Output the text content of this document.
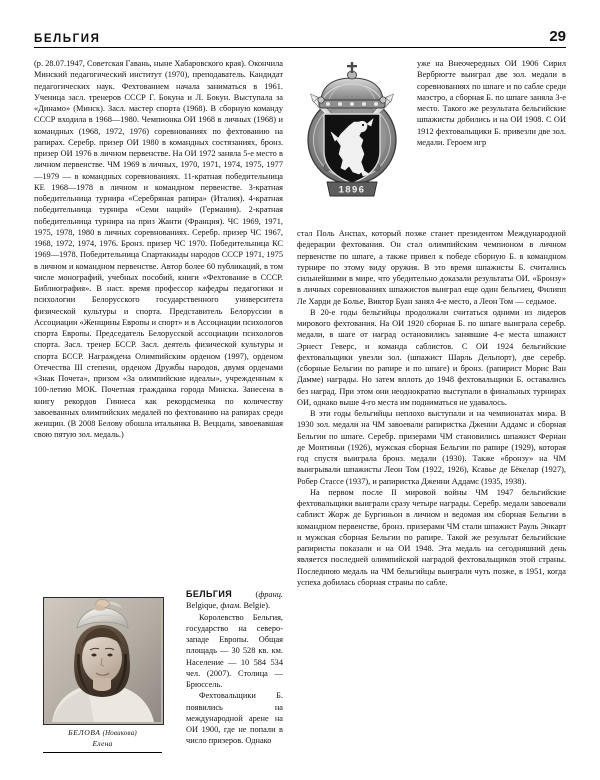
БЕЛЬГИЯ	29

(р. 28.07.1947, Советская Гавань, ныне Хабаровского края). Окончила Минский педагогический институт (1970), преподаватель. Кандидат педагогических наук. Фехтованием начала заниматься в 1961. Ученица засл. тренеров СССР Г. Бокуна и Л. Бокун. Выступала за «Динамо» (Минск). Засл. мастер спорта (1968). В сборную команду СССР входила в 1968—1980. Чемпионка ОИ 1968 в личных (1968) и командных (1968, 1972, 1976) соревнованиях по фехтованию на рапирах. Серебр. призер ОИ 1980 в командных состязаниях, бронз. призер ОИ 1976 в личном первенстве. На ОИ 1972 заняла 5-е место в личном первенстве. ЧМ 1969 в личных, 1970, 1971, 1974, 1975, 1977—1979 — в командных соревнованиях. 11-кратная победительница КЕ 1968—1978 в личном и командном первенстве. 3-кратная победительница турнира «Серебряная рапира» (Италия). 4-кратная победительница турнира «Семи наций» (Германия). 2-кратная победительница турнира на приз Жанти (Франция). ЧС 1969, 1971, 1975, 1978, 1980 в личных соревнованиях. Серебр. призер ЧС 1967, 1968, 1972, 1974, 1976. Бронз. призер ЧС 1970. Победительница КС 1969—1978. Победительница Спартакиады народов СССР 1971, 1975 в личном и командном первенстве. Автор более 60 публикаций, в том числе монографий, учебных пособий, книги «Фехтование в СССР. Библиография». В наст. время профессор кафедры педагогики и психологии Белорусского государственного университета физической культуры и спорта. Представитель Белоруссии в Ассоциации «Женщины Европы и спорт» и в Ассоциации психологов спорта Европы. Председатель Белорусской ассоциации психологов спорта. Засл. тренер БССР. Засл. деятель физической культуры и спорта БССР. Награждена Олимпийским орденом (1997), орденом Отечества III степени, орденом Дружбы народов, двумя орденами «Знак Почета», призом «За олимпийские идеалы», учрежденным к 100-летию МОК. Почетная гражданка города Минска. Занесена в книгу рекордов Гиннеса как рекордсменка по количеству завоеванных олимпийских медалей по фехтованию на рапирах среди женщин. (В 2008 Белову обошла итальянка В. Веццали, завоевавшая свою пятую зол. медаль.)

1896

уже на Внеочередных ОИ 1906 Сирил Вербрюгте выиграл две зол. медали в соревнованиях по шпаге и по сабле среди маэстро, а сборная Б. по шпаге заняла 3-е место. Такого же результата бельгийские шпажисты добились и на ОИ 1908. С ОИ 1912 фехтовальщики Б. привезли две зол. медали. Героем игр

стал Поль Анспах, который позже станет президентом Международной федерации фехтования. Он стал олимпийским чемпионом в личном первенстве по шпаге, а также привел к победе сборную Б. в командном турнире по этому виду оружия. В это время шпажисты Б. считались сильнейшими в мире, что убедительно доказали результаты ОИ. «Бронзу» в личных соревнованиях шпажистов выиграл еще один бельгиец, Филипп Ле Харди де Болье, Виктор Буан занял 4-е место, а Леон Том — седьмое.

В 20-е годы бельгийцы продолжали считаться одними из лидеров мирового фехтования. На ОИ 1920 сборная Б. по шпаге выиграла серебр. медали, в шаге от наград остановились занявшие 4-е места шпажист Эрнест Геверс, и команда саблистов. С ОИ 1924 бельгийские фехтовальщики увезли зол. (шпажист Шарль Дельпорт), две серебр. (сборные Бельгии по рапире и по шпаге) и бронз. (рапирист Морис Ван Дамме) награды. Но затем вплоть до 1948 фехтовальщики Б. оставались без наград. При этом они неоднократно выступали в финальных турнирах ОИ, однако выше 4-го места им подниматься не удавалось.

В эти годы бельгийцы неплохо выступали и на чемпионатах мира. В 1930 зол. медали на ЧМ завоевали рапиристка Дженни Аддамс и сборная Бельгии по шпаге. Серебр. призерами ЧМ становились шпажист Фернан де Монтиньи (1926), мужская сборная Бельгии по рапире (1929), которая год спустя выиграла бронз. медали (1930). Также «бронзу» на ЧМ выигрывали шпажисты Леон Том (1922, 1926), Ксавье де Бёкелар (1927), Робер Стассе (1937), и рапиристка Дженни Аддамс (1935, 1938).

На первом после II мировой войны ЧМ 1947 бельгийские фехтовальщики выиграли сразу четыре награды. Серебр. медали завоевали саблист Жорж де Бургиньон в личном и ведомая им сборная Бельгии в командном первенстве, бронз. призерами ЧМ стали шпажист Рауль Энкарт и мужская сборная Бельгии по рапире. Такой же результат бельгийские рапиристы показали и на ОИ 1948. Эта медаль на сегодняшний день является последней олимпийской наградой фехтовальщиков этой страны. Последнюю медаль на ЧМ бельгийцы выиграли чуть позже, в 1951, когда успеха добилась сборная страны по сабле.

БЕЛЬГИЯ   (франц. Belgique, флам. Belgie).

Королевство Бельгия, государство на северо-западе Европы. Общая площадь — 30 528 кв. км. Население — 10 584 534 чел. (2007). Столица — Брюссель.

Фехтовальщики Б. появились на международной арене на ОИ 1900, где не попали в число призеров. Однако

БЕЛОВА (Новикова)
Елена
